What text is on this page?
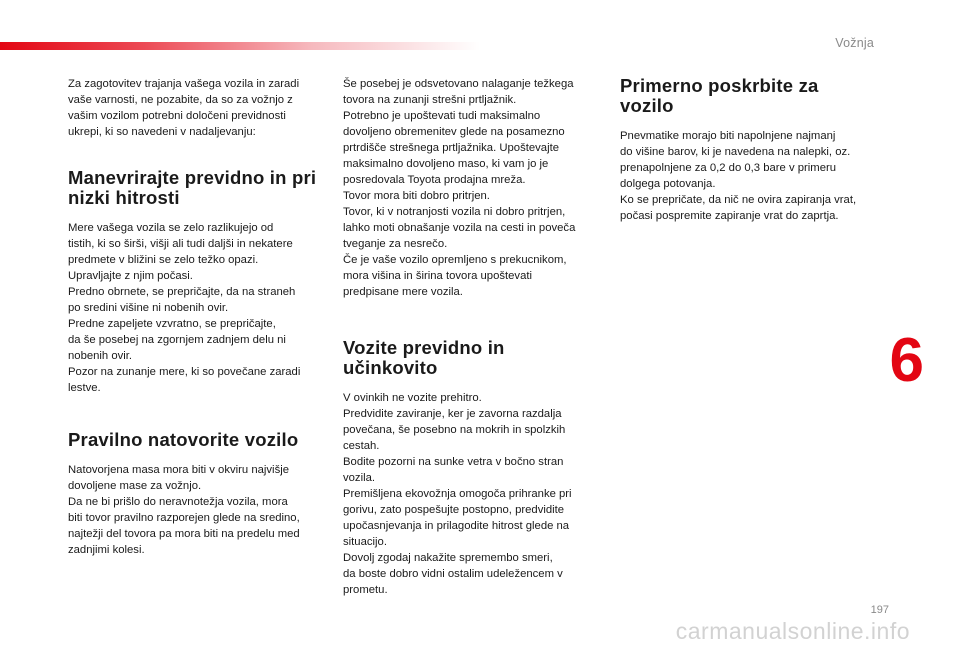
Vožnja

Za zagotovitev trajanja vašega vozila in zaradi
vaše varnosti, ne pozabite, da so za vožnjo z
vašim vozilom potrebni določeni previdnosti
ukrepi, ki so navedeni v nadaljevanju:

Manevrirajte previdno in pri
nizki hitrosti

Mere vašega vozila se zelo razlikujejo od
tistih, ki so širši, višji ali tudi daljši in nekatere
predmete v bližini se zelo težko opazi.
Upravljajte z njim počasi.
Predno obrnete, se prepričajte, da na straneh
po sredini višine ni nobenih ovir.
Predne zapeljete vzvratno, se prepričajte,
da še posebej na zgornjem zadnjem delu ni
nobenih ovir.
Pozor na zunanje mere, ki so povečane zaradi
lestve.

Pravilno natovorite vozilo

Natovorjena masa mora biti v okviru najvišje
dovoljene mase za vožnjo.
Da ne bi prišlo do neravnotežja vozila, mora
biti tovor pravilno razporejen glede na sredino,
najtežji del tovora pa mora biti na predelu med
zadnjimi kolesi.

Še posebej je odsvetovano nalaganje težkega
tovora na zunanji strešni prtljažnik.
Potrebno je upoštevati tudi maksimalno
dovoljeno obremenitev glede na posamezno
prtrdišče strešnega prtljažnika. Upoštevajte
maksimalno dovoljeno maso, ki vam jo je
posredovala Toyota prodajna mreža.
Tovor mora biti dobro pritrjen.
Tovor, ki v notranjosti vozila ni dobro pritrjen,
lahko moti obnašanje vozila na cesti in poveča
tveganje za nesrečo.
Če je vaše vozilo opremljeno s prekucnikom,
mora višina in širina tovora upoštevati
predpisane mere vozila.

Vozite previdno in
učinkovito

V ovinkih ne vozite prehitro.
Predvidite zaviranje, ker je zavorna razdalja
povečana, še posebno na mokrih in spolzkih
cestah.
Bodite pozorni na sunke vetra v bočno stran
vozila.
Premišljena ekovožnja omogoča prihranke pri
gorivu, zato pospešujte postopno, predvidite
upočasnjevanja in prilagodite hitrost glede na
situacijo.
Dovolj zgodaj nakažite spremembo smeri,
da boste dobro vidni ostalim udeležencem v
prometu.

Primerno poskrbite za
vozilo

Pnevmatike morajo biti napolnjene najmanj
do višine barov, ki je navedena na nalepki, oz.
prenapolnjene za 0,2 do 0,3 bare v primeru
dolgega potovanja.
Ko se prepričate, da nič ne ovira zapiranja vrat,
počasi pospremite zapiranje vrat do zaprtja.

6
197
carmanualsonline.info
